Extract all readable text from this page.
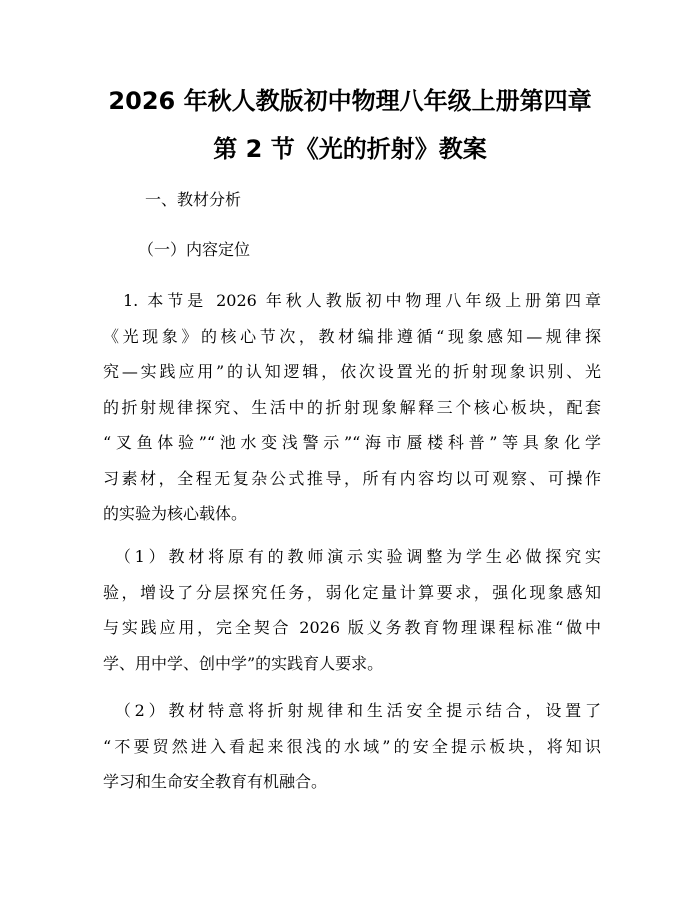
2026 年秋人教版初中物理八年级上册第四章
第 2 节《光的折射》教案
一、教材分析
（一）内容定位
　1. 本节是 2026 年秋人教版初中物理八年级上册第四章
《光现象》的核心节次，教材编排遵循“现象感知—规律探
究—实践应用”的认知逻辑，依次设置光的折射现象识别、光
的折射规律探究、生活中的折射现象解释三个核心板块，配套
“叉鱼体验”“池水变浅警示”“海市蜃楼科普”等具象化学
习素材，全程无复杂公式推导，所有内容均以可观察、可操作
的实验为核心载体。
　（1）教材将原有的教师演示实验调整为学生必做探究实
验，增设了分层探究任务，弱化定量计算要求，强化现象感知
与实践应用，完全契合 2026 版义务教育物理课程标准“做中
学、用中学、创中学”的实践育人要求。
　（2）教材特意将折射规律和生活安全提示结合，设置了
“不要贸然进入看起来很浅的水域”的安全提示板块，将知识
学习和生命安全教育有机融合。
